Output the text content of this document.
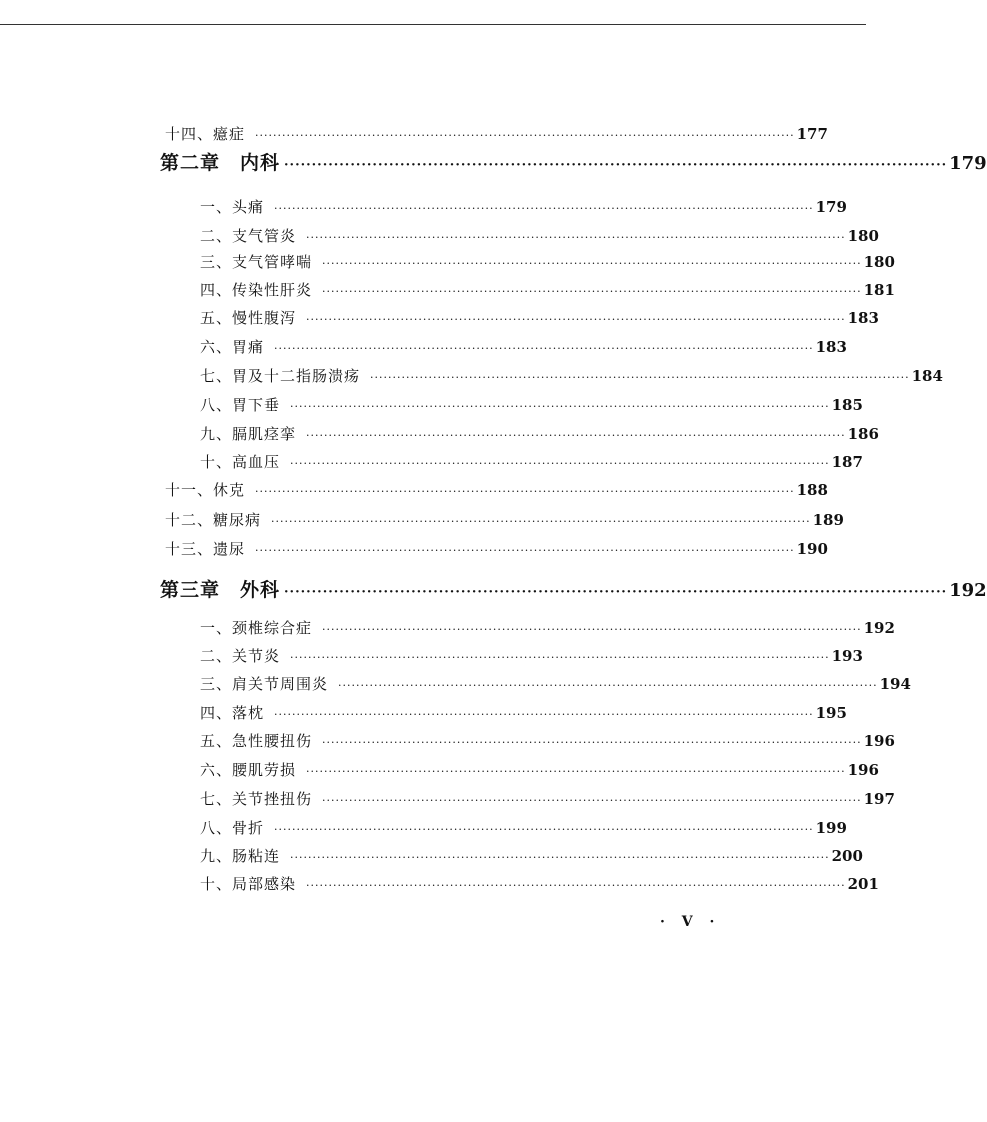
十四、癔症 ························································································································ 177
第二章　内科 ························································································································ 179
一、头痛 ························································································································ 179
二、支气管炎 ························································································································ 180
三、支气管哮喘 ························································································································ 180
四、传染性肝炎 ························································································································ 181
五、慢性腹泻 ························································································································ 183
六、胃痛 ························································································································ 183
七、胃及十二指肠溃疡 ························································································································ 184
八、胃下垂 ························································································································ 185
九、膈肌痉挛 ························································································································ 186
十、高血压 ························································································································ 187
十一、休克 ························································································································ 188
十二、糖尿病 ························································································································ 189
十三、遗尿 ························································································································ 190
第三章　外科 ························································································································ 192
一、颈椎综合症 ························································································································ 192
二、关节炎 ························································································································ 193
三、肩关节周围炎 ························································································································ 194
四、落枕 ························································································································ 195
五、急性腰扭伤 ························································································································ 196
六、腰肌劳损 ························································································································ 196
七、关节挫扭伤 ························································································································ 197
八、骨折 ························································································································ 199
九、肠粘连 ························································································································ 200
十、局部感染 ························································································································ 201
· V ·
